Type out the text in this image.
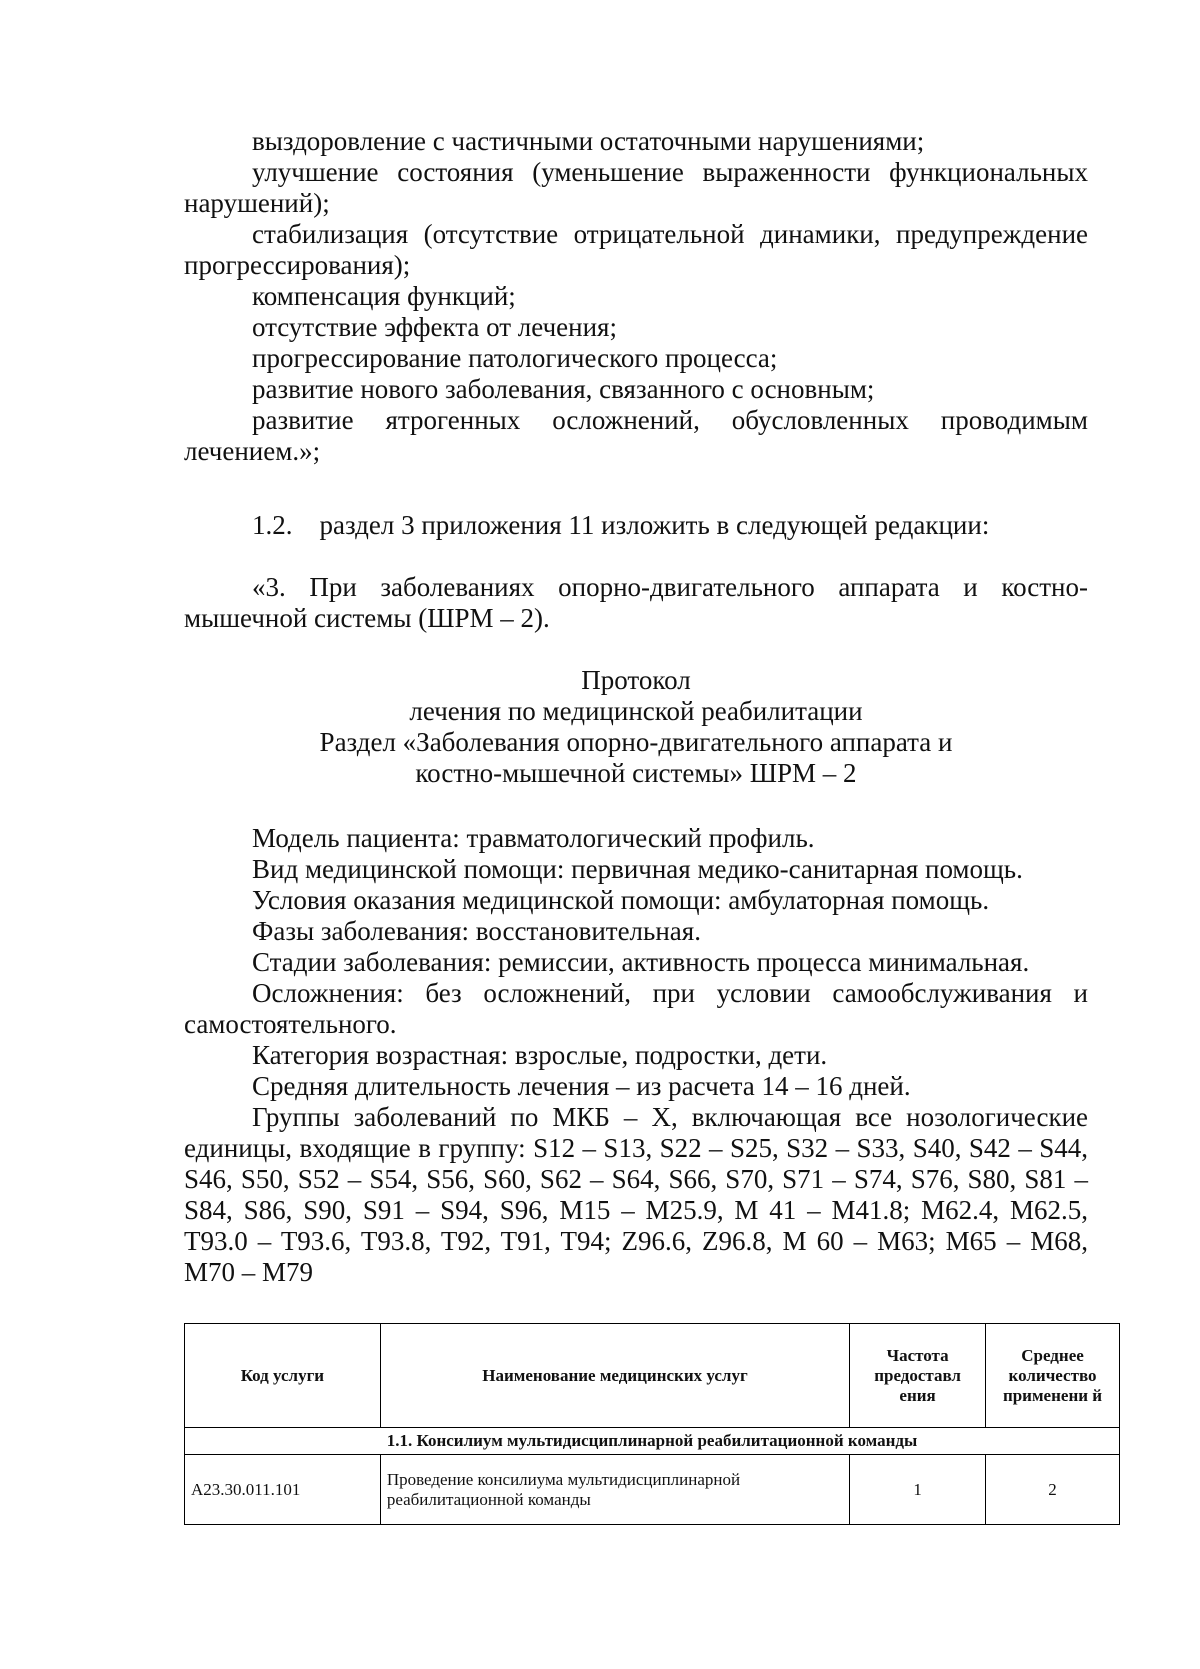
выздоровление с частичными остаточными нарушениями;

улучшение состояния (уменьшение выраженности функциональных нарушений);

стабилизация (отсутствие отрицательной динамики, предупреждение прогрессирования);

компенсация функций;

отсутствие эффекта от лечения;

прогрессирование патологического процесса;

развитие нового заболевания, связанного с основным;

развитие ятрогенных осложнений, обусловленных проводимым лечением.»;

1.2.    раздел 3 приложения 11 изложить в следующей редакции:

«3. При заболеваниях опорно-двигательного аппарата и костно-мышечной системы (ШРМ – 2).

Протокол

лечения по медицинской реабилитации

Раздел «Заболевания опорно-двигательного аппарата и

костно-мышечной системы» ШРМ – 2

Модель пациента: травматологический профиль.

Вид медицинской помощи: первичная медико-санитарная помощь.

Условия оказания медицинской помощи: амбулаторная помощь.

Фазы заболевания: восстановительная.

Стадии заболевания: ремиссии, активность процесса минимальная.

Осложнения: без осложнений, при условии самообслуживания и самостоятельного.

Категория возрастная: взрослые, подростки, дети.

Средняя длительность лечения – из расчета 14 – 16 дней.

Группы заболеваний по МКБ – Х, включающая все нозологические единицы, входящие в группу: S12 – S13, S22 – S25, S32 – S33, S40, S42 – S44, S46, S50, S52 – S54, S56, S60, S62 – S64, S66, S70, S71 – S74, S76, S80, S81 – S84, S86, S90, S91 – S94, S96, M15 – M25.9, M 41 – M41.8; M62.4, M62.5, T93.0 – T93.6, T93.8, T92, T91, T94; Z96.6, Z96.8, M 60 – M63; M65 – M68, M70 – M79

Код услуги	Наименование медицинских услуг	Частота предоставл ения	Среднее количество применени й
1.1. Консилиум мультидисциплинарной реабилитационной команды			
A23.30.011.101	Проведение консилиума мультидисциплинарной реабилитационной команды	1	2
